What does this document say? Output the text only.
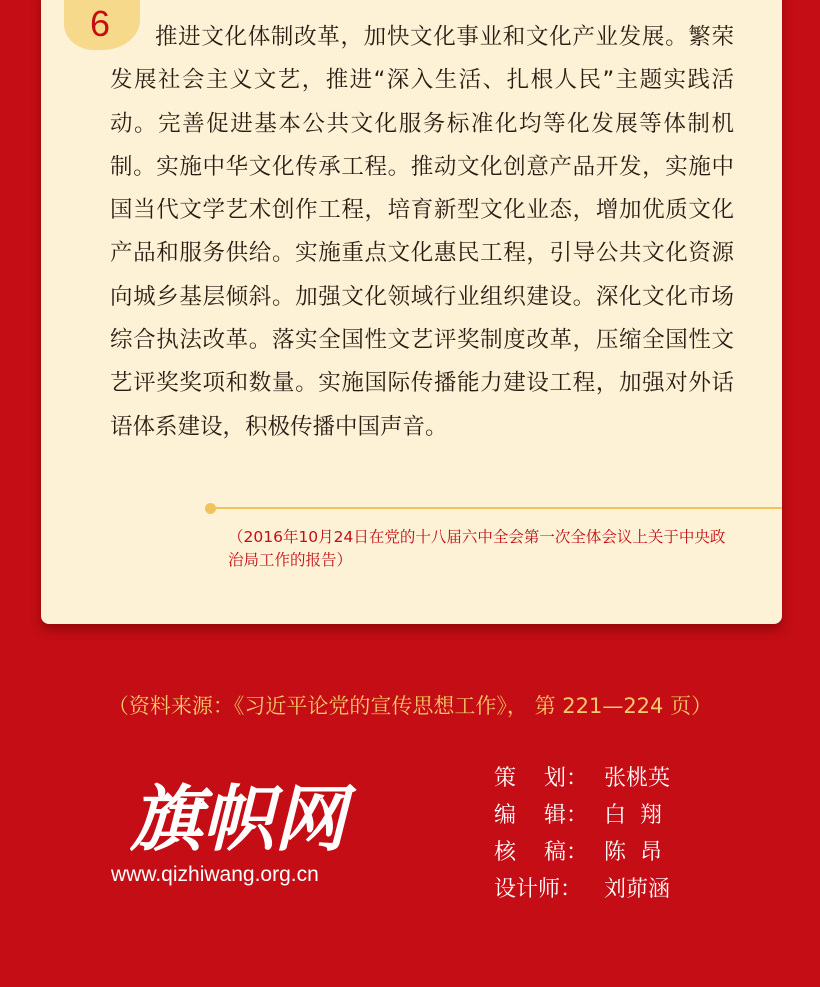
6	推进文化体制改革，加快文化事业和文化产业发展。繁荣发展社会主义文艺，推进“深入生活、扎根人民”主题实践活动。完善促进基本公共文化服务标准化均等化发展等体制机制。实施中华文化传承工程。推动文化创意产品开发，实施中国当代文学艺术创作工程，培育新型文化业态，增加优质文化产品和服务供给。实施重点文化惠民工程，引导公共文化资源向城乡基层倾斜。加强文化领域行业组织建设。深化文化市场综合执法改革。落实全国性文艺评奖制度改革，压缩全国性文艺评奖奖项和数量。实施国际传播能力建设工程，加强对外话语体系建设，积极传播中国声音。

（2016年10月24日在党的十八届六中全会第一次全体会议上关于中央政治局工作的报告）

（资料来源：《习近平论党的宣传思想工作》， 第 221—224 页）

旗帜网

www.qizhiwang.org.cn

策    划： 张桃英
编    辑： 白  翔
核    稿： 陈  昂
设计师： 刘茆涵
